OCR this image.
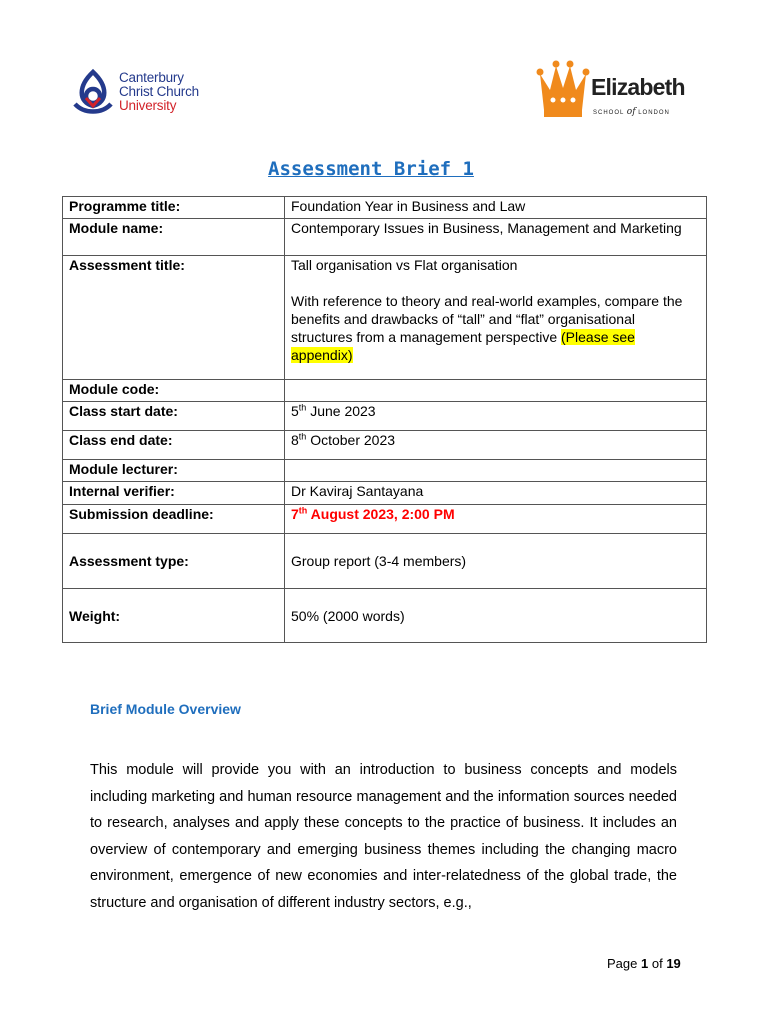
Canterbury
Christ Church
University
Elizabeth
SCHOOL of LONDON
Assessment Brief 1
Programme title:	Foundation Year in Business and Law
Module name:	Contemporary Issues in Business, Management and Marketing
Assessment title:	Tall organisation vs Flat organisation
With reference to theory and real-world examples, compare the benefits and drawbacks of “tall” and “flat” organisational structures from a management perspective (Please see appendix)

Module code:	
Class start date:	5th June 2023
Class end date:	8th October 2023
Module lecturer:	
Internal verifier:	Dr Kaviraj Santayana
Submission deadline:	7th August 2023, 2:00 PM
Assessment type:	Group report (3-4 members)
Weight:	50% (2000 words)
Brief Module Overview
This module will provide you with an introduction to business concepts and models including marketing and human resource management and the information sources needed to research, analyses and apply these concepts to the practice of business. It includes an overview of contemporary and emerging business themes including the changing macro environment, emergence of new economies and inter-relatedness of the global trade, the structure and organisation of different industry sectors, e.g.,
Page 1 of 19
